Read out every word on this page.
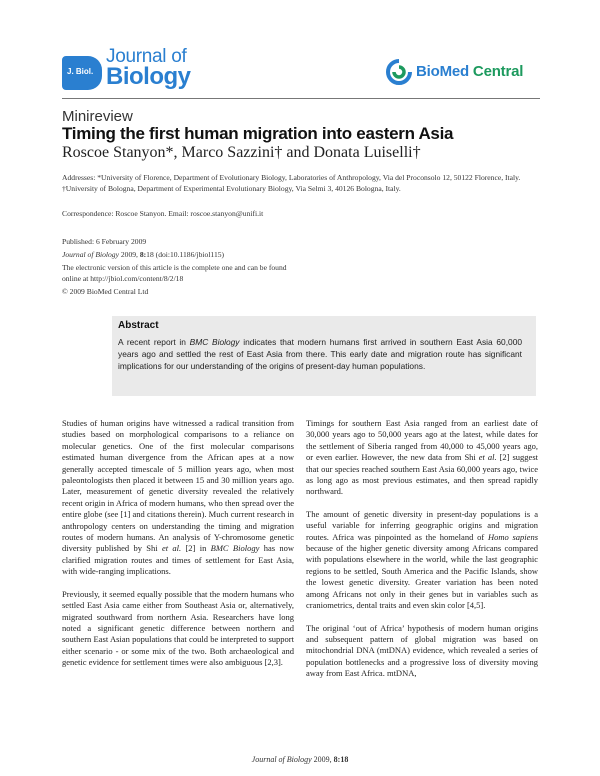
J. Biol.
Journal of
Biology	BioMed Central
Minireview
Timing the first human migration into eastern Asia
Roscoe Stanyon*, Marco Sazzini† and Donata Luiselli†
Addresses: *University of Florence, Department of Evolutionary Biology, Laboratories of Anthropology, Via del Proconsolo 12, 50122 Florence, Italy. †University of Bologna, Department of Experimental Evolutionary Biology, Via Selmi 3, 40126 Bologna, Italy.
Correspondence: Roscoe Stanyon. Email: roscoe.stanyon@unifi.it
Published: 6 February 2009
Journal of Biology 2009, 8:18 (doi:10.1186/jbiol115)
The electronic version of this article is the complete one and can be found online at http://jbiol.com/content/8/2/18
© 2009 BioMed Central Ltd
Abstract
A recent report in BMC Biology indicates that modern humans first arrived in southern East Asia 60,000 years ago and settled the rest of East Asia from there. This early date and migration route has significant implications for our understanding of the origins of present-day human populations.

Studies of human origins have witnessed a radical transition from studies based on morphological comparisons to a reliance on molecular genetics. One of the first molecular comparisons estimated human divergence from the African apes at a now generally accepted timescale of 5 million years ago, when most paleontologists then placed it between 15 and 30 million years ago. Later, measurement of genetic diversity revealed the relatively recent origin in Africa of modern humans, who then spread over the entire globe (see [1] and citations therein). Much current research in anthropology centers on understanding the timing and migration routes of modern humans. An analysis of Y-chromosome genetic diversity published by Shi et al. [2] in BMC Biology has now clarified migration routes and times of settlement for East Asia, with wide-ranging implications.

Previously, it seemed equally possible that the modern humans who settled East Asia came either from Southeast Asia or, alternatively, migrated southward from northern Asia. Researchers have long noted a significant genetic difference between northern and southern East Asian populations that could be interpreted to support either scenario - or some mix of the two. Both archaeological and genetic evidence for settlement times were also ambiguous [2,3].

Timings for southern East Asia ranged from an earliest date of 30,000 years ago to 50,000 years ago at the latest, while dates for the settlement of Siberia ranged from 40,000 to 45,000 years ago, or even earlier. However, the new data from Shi et al. [2] suggest that our species reached southern East Asia 60,000 years ago, twice as long ago as most previous estimates, and then spread rapidly northward.

The amount of genetic diversity in present-day populations is a useful variable for inferring geographic origins and migration routes. Africa was pinpointed as the homeland of Homo sapiens because of the higher genetic diversity among Africans compared with populations elsewhere in the world, while the last geographic regions to be settled, South America and the Pacific Islands, show the lowest genetic diversity. Greater variation has been noted among Africans not only in their genes but in variables such as craniometrics, dental traits and even skin color [4,5].

The original ‘out of Africa’ hypothesis of modern human origins and subsequent pattern of global migration was based on mitochondrial DNA (mtDNA) evidence, which revealed a series of population bottlenecks and a progressive loss of diversity moving away from East Africa. mtDNA,

Journal of Biology 2009, 8:18
